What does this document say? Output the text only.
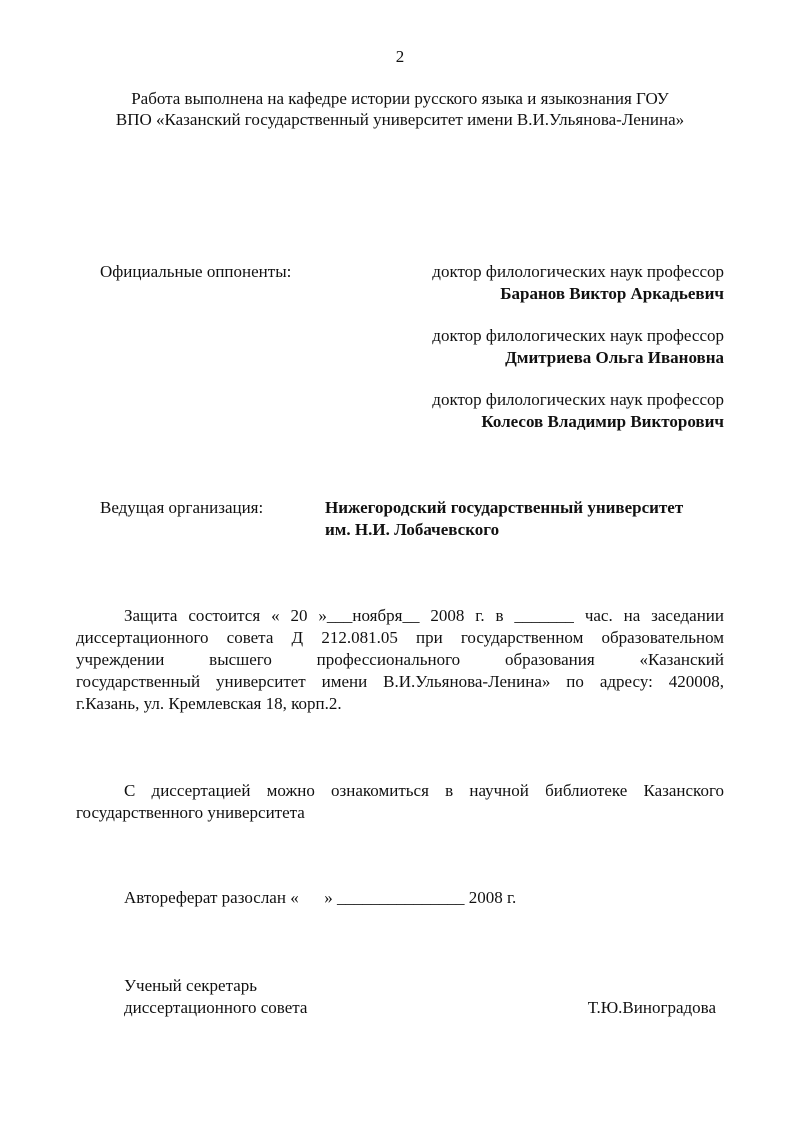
2
Работа выполнена на кафедре истории русского языка и языкознания ГОУ
ВПО «Казанский государственный университет имени В.И.Ульянова-Ленина»
Официальные оппоненты:	доктор филологических наук профессор
Баранов Виктор Аркадьевич
доктор филологических наук профессор
Дмитриева Ольга Ивановна
доктор филологических наук профессор
Колесов Владимир Викторович
Ведущая организация:	Нижегородский государственный университет
им. Н.И. Лобачевского
Защита состоится « 20 »___ноября__ 2008 г. в _______ час. на заседании
диссертационного совета Д 212.081.05 при государственном образовательном
учреждении высшего профессионального образования «Казанский
государственный университет имени В.И.Ульянова-Ленина» по адресу: 420008,
г.Казань, ул. Кремлевская 18, корп.2.
С диссертацией можно ознакомиться в научной библиотеке Казанского
государственного университета
Автореферат разослан «      » _______________ 2008 г.
Ученый секретарь
диссертационного совета	Т.Ю.Виноградова
